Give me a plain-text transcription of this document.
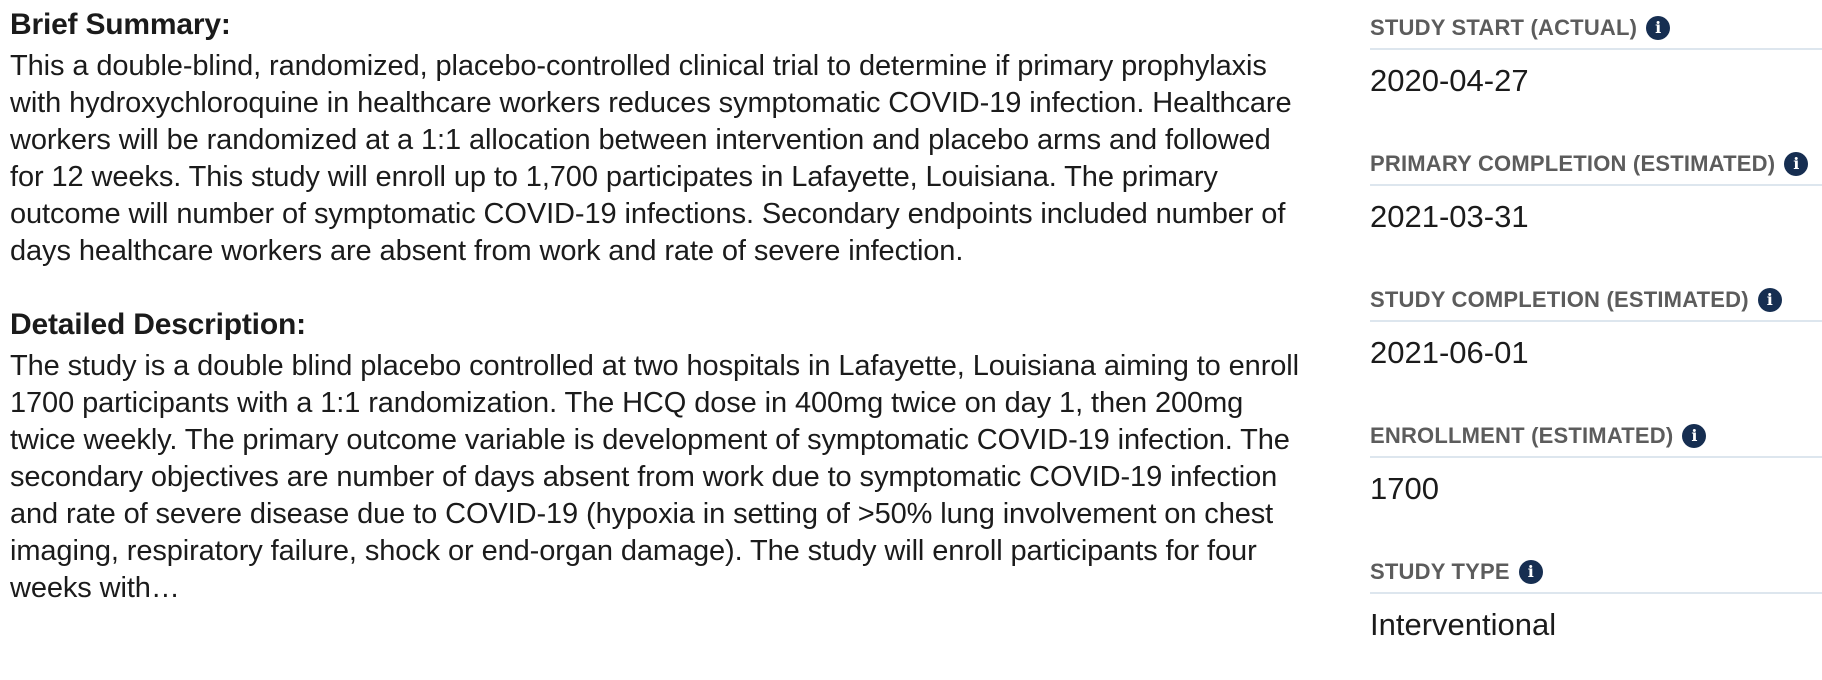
Brief Summary:
This a double-blind, randomized, placebo-controlled clinical trial to determine if primary prophylaxis with hydroxychloroquine in healthcare workers reduces symptomatic COVID-19 infection. Healthcare workers will be randomized at a 1:1 allocation between intervention and placebo arms and followed for 12 weeks. This study will enroll up to 1,700 participates in Lafayette, Louisiana. The primary outcome will number of symptomatic COVID-19 infections. Secondary endpoints included number of days healthcare workers are absent from work and rate of severe infection.
Detailed Description:
The study is a double blind placebo controlled at two hospitals in Lafayette, Louisiana aiming to enroll 1700 participants with a 1:1 randomization. The HCQ dose in 400mg twice on day 1, then 200mg twice weekly. The primary outcome variable is development of symptomatic COVID-19 infection. The secondary objectives are number of days absent from work due to symptomatic COVID-19 infection and rate of severe disease due to COVID-19 (hypoxia in setting of >50% lung involvement on chest imaging, respiratory failure, shock or end-organ damage). The study will enroll participants for four weeks with…
STUDY START (ACTUAL)	i
2020-04-27
PRIMARY COMPLETION (ESTIMATED)	i
2021-03-31
STUDY COMPLETION (ESTIMATED)	i
2021-06-01
ENROLLMENT (ESTIMATED)	i
1700
STUDY TYPE	i
Interventional
